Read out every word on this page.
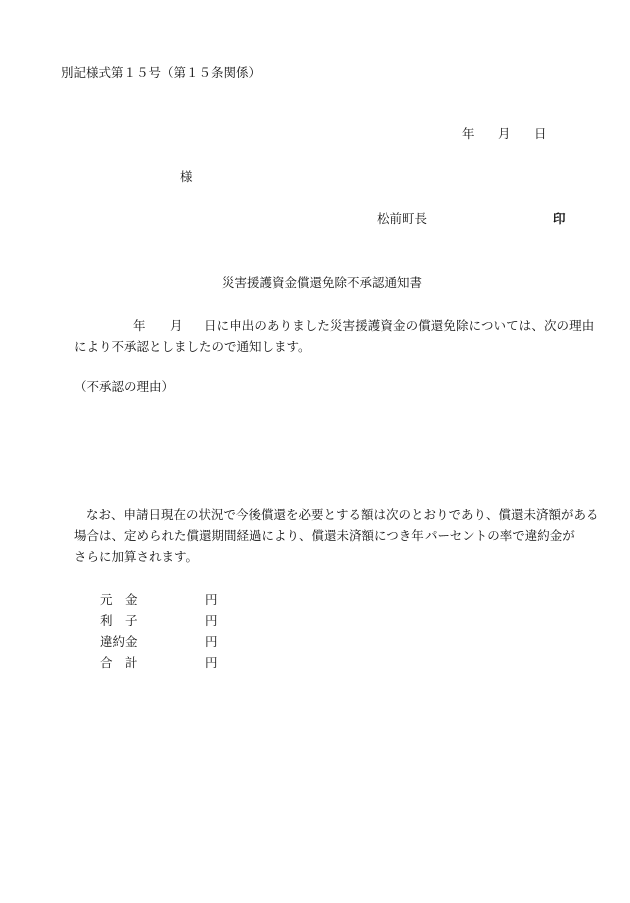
別記様式第１５号（第１５条関係）
年 月 日
様
松前町長	印
災害援護資金償還免除不承認通知書
年 月 日に申出のありました災害援護資金の償還免除については、次の理由
により不承認としましたので通知します。
（不承認の理由）
なお、申請日現在の状況で今後償還を必要とする額は次のとおりであり、償還未済額がある
場合は、定められた償還期間経過により、償還未済額につき年 パーセントの率で違約金が
さらに加算されます。
元　金	円
利　子	円
違約金	円
合　計	円
